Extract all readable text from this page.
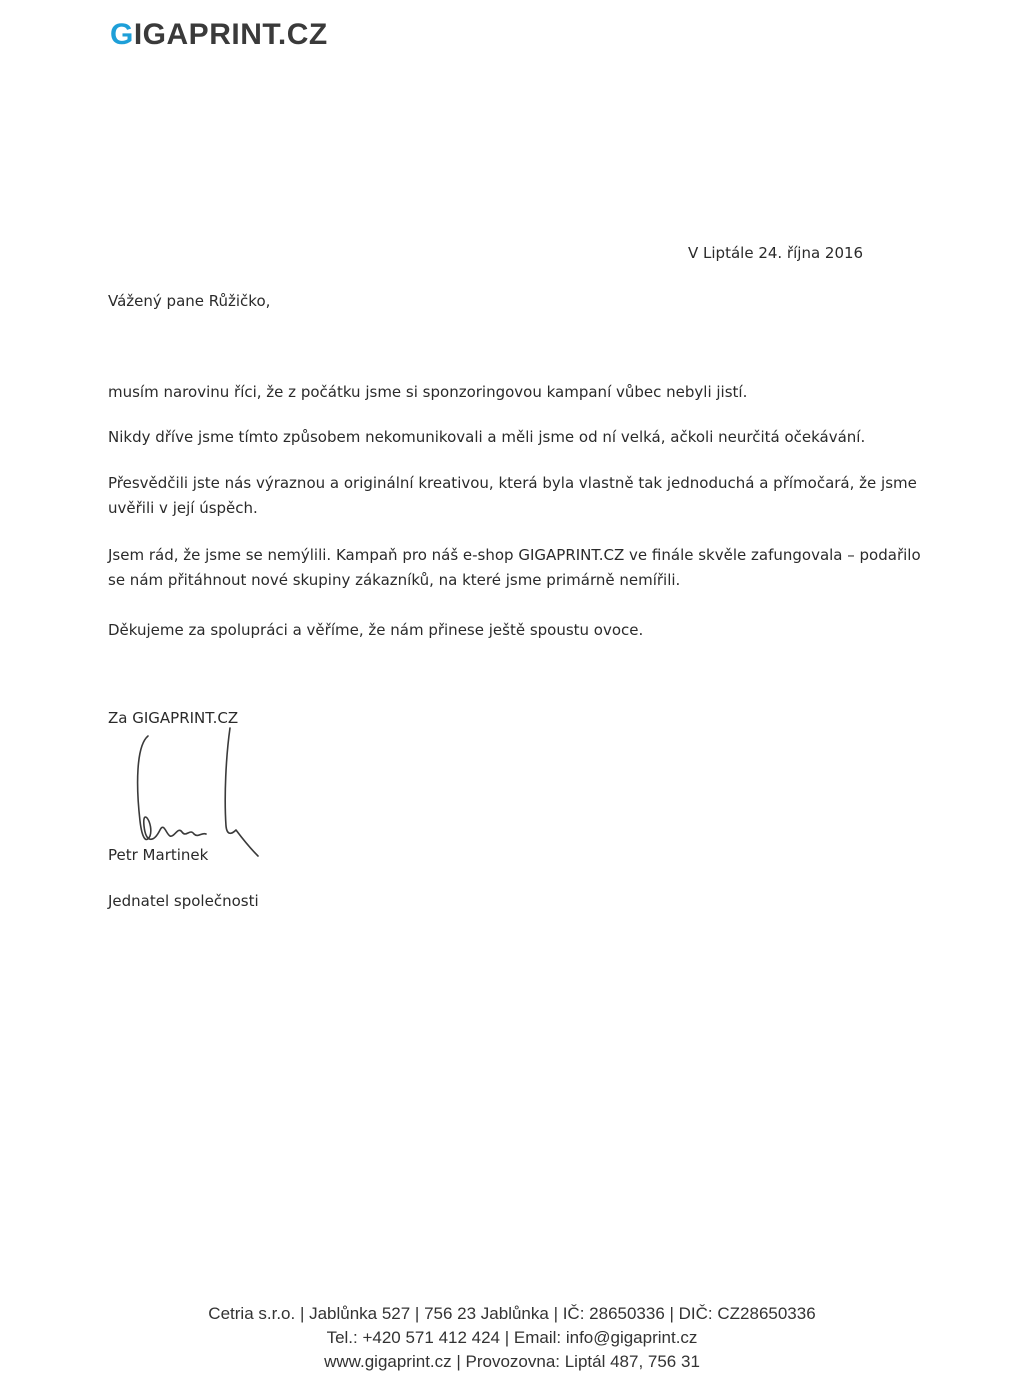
GIGAPRINT.CZ
V Liptále 24. října 2016
Vážený pane Růžičko,
musím narovinu říci, že z počátku jsme si sponzoringovou kampaní vůbec nebyli jistí.
Nikdy dříve jsme tímto způsobem nekomunikovali a měli jsme od ní velká, ačkoli neurčitá očekávání.
Přesvědčili jste nás výraznou a originální kreativou, která byla vlastně tak jednoduchá a přímočará, že jsme uvěřili v její úspěch.
Jsem rád, že jsme se nemýlili. Kampaň pro náš e-shop GIGAPRINT.CZ ve finále skvěle zafungovala – podařilo se nám přitáhnout nové skupiny zákazníků, na které jsme primárně nemířili.
Děkujeme za spolupráci a věříme, že nám přinese ještě spoustu ovoce.
Za GIGAPRINT.CZ
Petr Martinek
Jednatel společnosti
Cetria s.r.o. | Jablůnka 527 | 756 23 Jablůnka | IČ: 28650336 | DIČ: CZ28650336
Tel.: +420 571 412 424 | Email: info@gigaprint.cz
www.gigaprint.cz | Provozovna: Liptál 487, 756 31
